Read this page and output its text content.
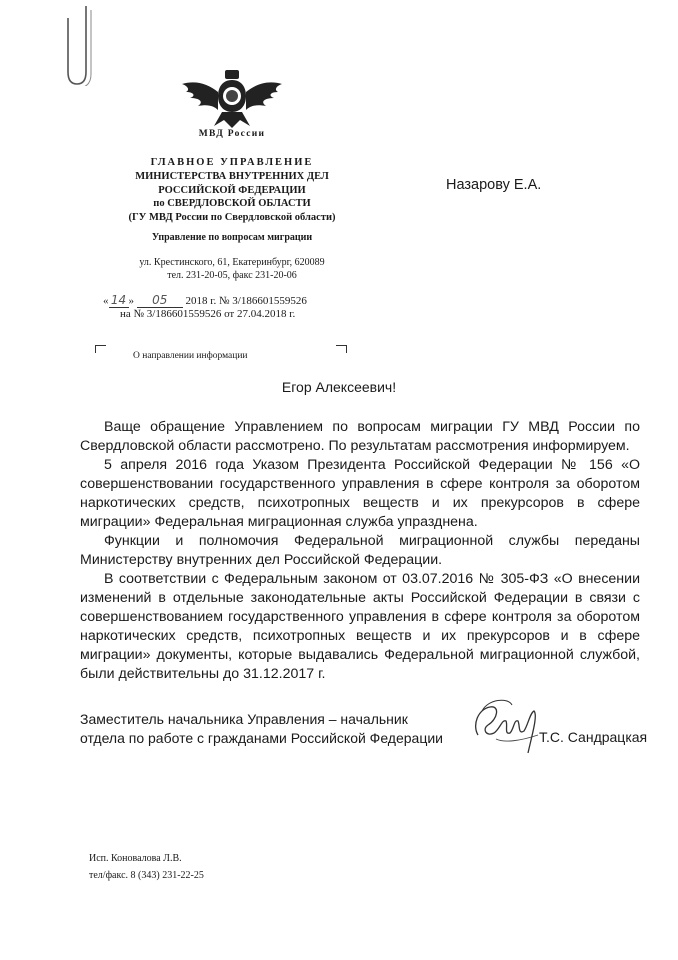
МВД России

ГЛАВНОЕ УПРАВЛЕНИЕ

МИНИСТЕРСТВА ВНУТРЕННИХ ДЕЛ

РОССИЙСКОЙ ФЕДЕРАЦИИ

по СВЕРДЛОВСКОЙ ОБЛАСТИ

(ГУ МВД России по Свердловской области)

Управление по вопросам миграции
ул. Крестинского, 61, Екатеринбург, 620089
тел. 231-20-05, факс 231-20-06
« 14 » 05 2018 г. № 3/186601559526
на № 3/186601559526 от 27.04.2018 г.
Назарову Е.А.
О направлении информации
Егор Алексеевич!

Ваще обращение Управлением по вопросам миграции ГУ МВД России по Свердловской области рассмотрено. По результатам рассмотрения информируем.

5 апреля 2016 года Указом Президента Российской Федерации № 156 «О совершенствовании государственного управления в сфере контроля за оборотом наркотических средств, психотропных веществ и их прекурсоров в сфере миграции» Федеральная миграционная служба упразднена.

Функции и полномочия Федеральной миграционной службы переданы Министерству внутренних дел Российской Федерации.

В соответствии с Федеральным законом от 03.07.2016 № 305-ФЗ «О внесении изменений в отдельные законодательные акты Российской Федерации в связи с совершенствованием государственного управления в сфере контроля за оборотом наркотических средств, психотропных веществ и их прекурсоров и в сфере миграции» документы, которые выдавались Федеральной миграционной службой, были действительны до 31.12.2017 г.

Заместитель начальника Управления – начальник
отдела по работе с гражданами Российской Федерации	Т.С. Сандрацкая
Исп. Коновалова Л.В.
тел/факс. 8 (343) 231-22-25
